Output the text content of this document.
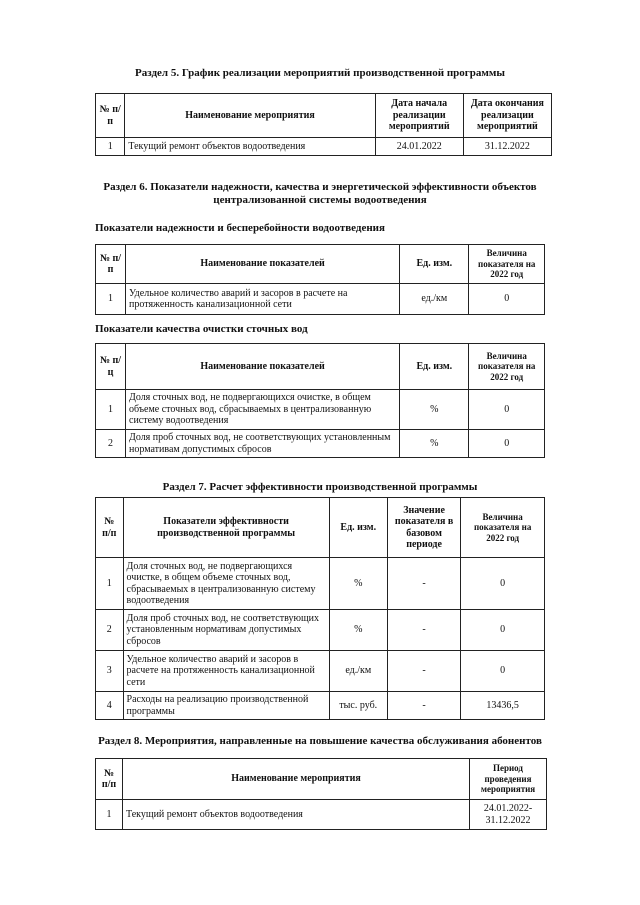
Раздел 5. График реализации мероприятий производственной программы
№ п/п	Наименование мероприятия	Дата начала реализации мероприятий	Дата окончания реализации мероприятий
1	Текущий ремонт объектов водоотведения	24.01.2022	31.12.2022
Раздел 6. Показатели надежности, качества и энергетической эффективности объектов
централизованной системы водоотведения
Показатели надежности и бесперебойности водоотведения
№ п/п	Наименование показателей	Ед. изм.	Величина показателя на 2022 год
1	Удельное количество аварий и засоров в расчете на протяженность канализационной сети	ед./км	0
Показатели качества очистки сточных вод
№ п/ц	Наименование показателей	Ед. изм.	Величина показателя на 2022 год
1	Доля сточных вод, не подвергающихся очистке, в общем объеме сточных вод, сбрасываемых в централизованную систему водоотведения	%	0
2	Доля проб сточных вод, не соответствующих установленным нормативам допустимых сбросов	%	0
Раздел 7. Расчет эффективности производственной программы
№ п/п	Показатели эффективности производственной программы	Ед. изм.	Значение показателя в базовом периоде	Величина показателя на 2022 год
1	Доля сточных вод, не подвергающихся очистке, в общем объеме сточных вод, сбрасываемых в централизованную систему водоотведения	%	-	0
2	Доля проб сточных вод, не соответствующих установленным нормативам допустимых сбросов	%	-	0
3	Удельное количество аварий и засоров в расчете на протяженность канализационной сети	ед./км	-	0
4	Расходы на реализацию производственной программы	тыс. руб.	-	13436,5
Раздел 8. Мероприятия, направленные на повышение качества обслуживания абонентов
№ п/п	Наименование мероприятия	Период проведения мероприятия
1	Текущий ремонт объектов водоотведения	24.01.2022- 31.12.2022
